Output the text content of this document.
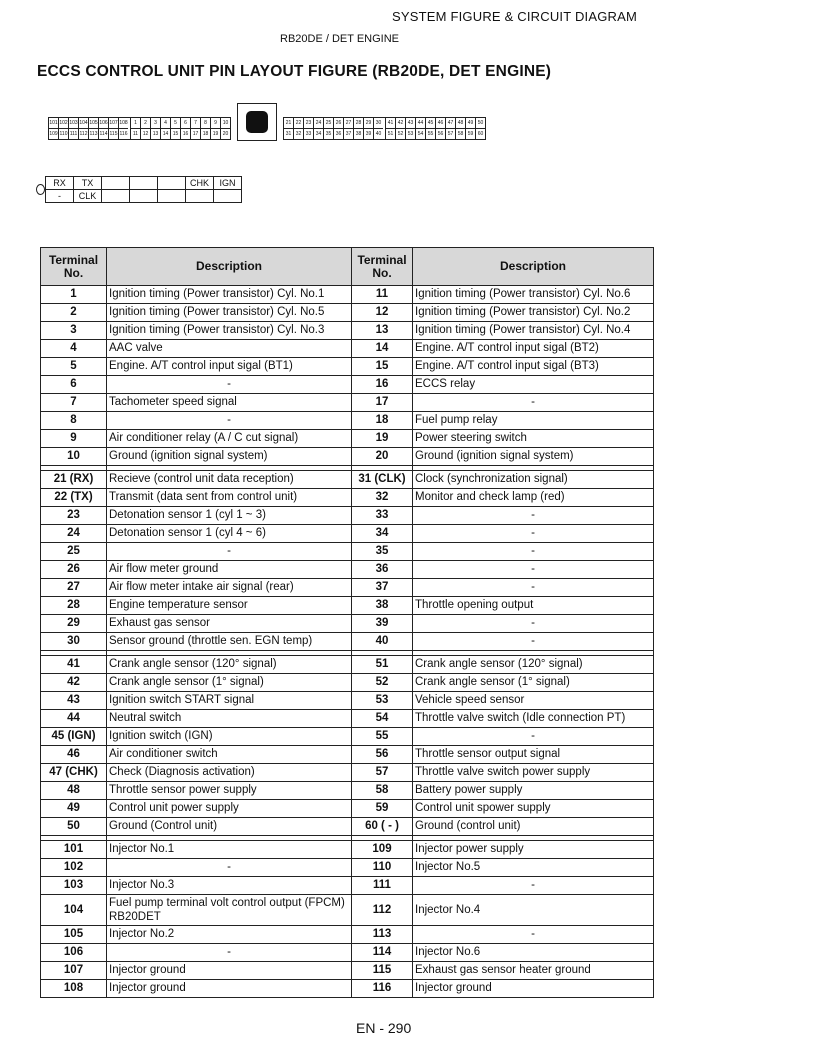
SYSTEM FIGURE & CIRCUIT DIAGRAM
RB20DE / DET ENGINE
ECCS CONTROL UNIT PIN LAYOUT FIGURE (RB20DE, DET ENGINE)
101 102 103 104 105 106 107 108	1	2	3	4	5	6	7	8	9	10
109 110 111 112 113 114 115 116	11 12 13 14 15 16 17 18 19 20
21 22 23 24 25 26 27 28 29 30	41 42 43 44 45 46 47 48 49 50
31 32 33 34 35 36 37 38 39 40	51 52 53 54 55 56 57 58 59 60
RX	TX				CHK	IGN
-	CLK					
Terminal No.	Description	Terminal No.	Description
1	Ignition timing (Power transistor) Cyl. No.1	11	Ignition timing (Power transistor) Cyl. No.6
2	Ignition timing (Power transistor) Cyl. No.5	12	Ignition timing (Power transistor) Cyl. No.2
3	Ignition timing (Power transistor) Cyl. No.3	13	Ignition timing (Power transistor) Cyl. No.4
4	AAC valve	14	Engine. A/T control input sigal (BT2)
5	Engine. A/T control input sigal (BT1)	15	Engine. A/T control input sigal (BT3)
6	-	16	ECCS relay
7	Tachometer speed signal	17	-
8	-	18	Fuel pump relay
9	Air conditioner relay (A / C cut signal)	19	Power steering switch
10	Ground (ignition signal system)	20	Ground (ignition signal system)

21 (RX)	Recieve (control unit data reception)	31 (CLK)	Clock (synchronization signal)
22 (TX)	Transmit (data sent from control unit)	32	Monitor and check lamp (red)
23	Detonation sensor 1 (cyl 1 ~ 3)	33	-
24	Detonation sensor 1 (cyl 4 ~ 6)	34	-
25	-	35	-
26	Air flow meter ground	36	-
27	Air flow meter intake air signal (rear)	37	-
28	Engine temperature sensor	38	Throttle opening output
29	Exhaust gas sensor	39	-
30	Sensor ground (throttle sen. EGN temp)	40	-

41	Crank angle sensor (120° signal)	51	Crank angle sensor (120° signal)
42	Crank angle sensor (1° signal)	52	Crank angle sensor (1° signal)
43	Ignition switch START signal	53	Vehicle speed sensor
44	Neutral switch	54	Throttle valve switch (Idle connection PT)
45 (IGN)	Ignition switch (IGN)	55	-
46	Air conditioner switch	56	Throttle sensor output signal
47 (CHK)	Check (Diagnosis activation)	57	Throttle valve switch power supply
48	Throttle sensor power supply	58	Battery power supply
49	Control unit power supply	59	Control unit spower supply
50	Ground (Control unit)	60 ( - )	Ground (control unit)

101	Injector No.1	109	Injector power supply
102	-	110	Injector No.5
103	Injector No.3	111	-
104	Fuel pump terminal volt control output (FPCM) RB20DET	112	Injector No.4
105	Injector No.2	113	-
106	-	114	Injector No.6
107	Injector ground	115	Exhaust gas sensor heater ground
108	Injector ground	116	Injector ground
EN - 290
